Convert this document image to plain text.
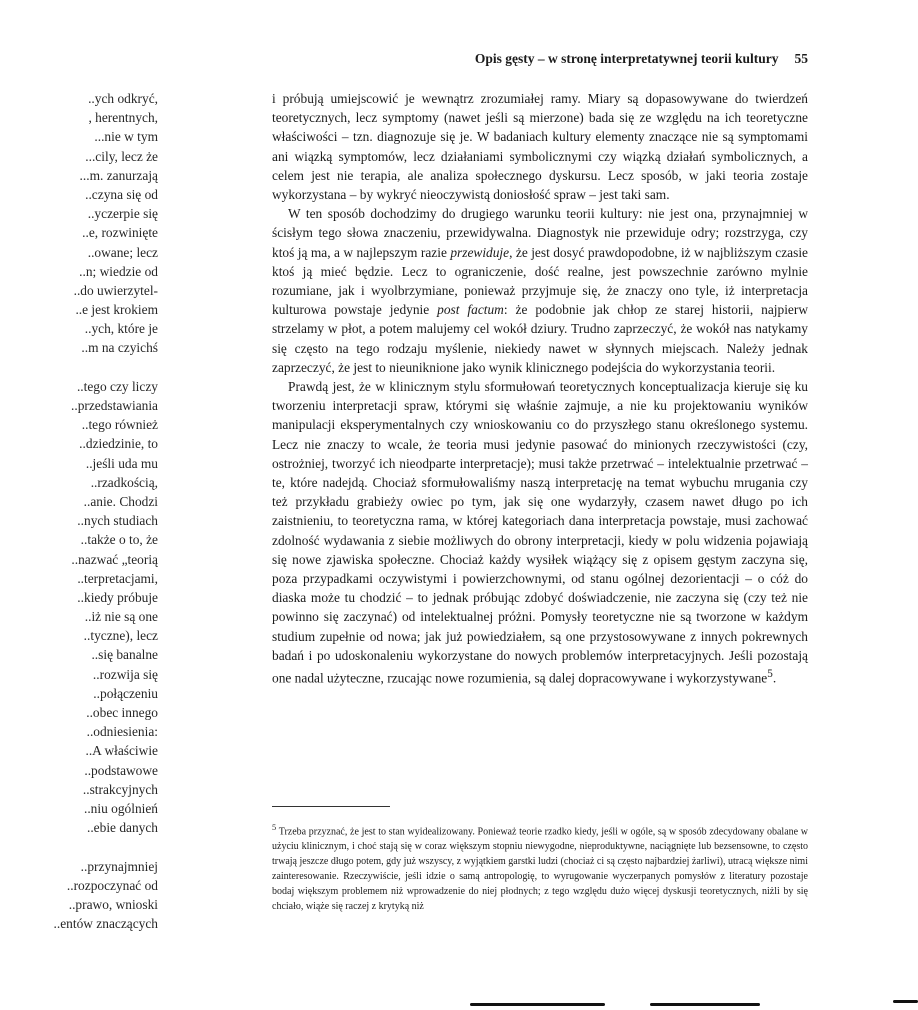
Opis gęsty – w stronę interpretatywnej teorii kultury 55
..ych odkryć,
, herentnych,
...nie w tym
...cily, lecz że
...m. zanurzają
..czyna się od
..yczerpie się
..e, rozwinięte
..owane; lecz
..n; wiedzie od
..do uwierzytel-
..e jest krokiem
..ych, które je
..m na czyichś
..tego czy liczy
..przedstawiania
..tego również
..dziedzinie, to
..jeśli uda mu
..rzadkością,
..anie. Chodzi
..nych studiach
..także o to, że
..nazwać „teorią
..terpretacjami,
..kiedy próbuje
..iż nie są one
..tyczne), lecz
..się banalne
..rozwija się
..połączeniu
..obec innego
..odniesienia:
..A właściwie
..podstawowe
..strakcyjnych
..niu ogólnień
..ebie danych
..przynajmniej
..rozpoczynać od
..prawo, wnioski
..entów znaczących

i próbują umiejscowić je wewnątrz zrozumiałej ramy. Miary są dopasowywane do twierdzeń teoretycznych, lecz symptomy (nawet jeśli są mierzone) bada się ze względu na ich teoretyczne właściwości – tzn. diagnozuje się je. W badaniach kultury elementy znaczące nie są symptomami ani wiązką symptomów, lecz działaniami symbolicznymi czy wiązką działań symbolicznych, a celem jest nie terapia, ale analiza społecznego dyskursu. Lecz sposób, w jaki teoria zostaje wykorzystana – by wykryć nieoczywistą doniosłość spraw – jest taki sam.

W ten sposób dochodzimy do drugiego warunku teorii kultury: nie jest ona, przynajmniej w ścisłym tego słowa znaczeniu, przewidywalna. Diagnostyk nie przewiduje odry; rozstrzyga, czy ktoś ją ma, a w najlepszym razie przewiduje, że jest dosyć prawdopodobne, iż w najbliższym czasie ktoś ją mieć będzie. Lecz to ograniczenie, dość realne, jest powszechnie zarówno mylnie rozumiane, jak i wyolbrzymiane, ponieważ przyjmuje się, że znaczy ono tyle, iż interpretacja kulturowa powstaje jedynie post factum: że podobnie jak chłop ze starej historii, najpierw strzelamy w płot, a potem malujemy cel wokół dziury. Trudno zaprzeczyć, że wokół nas natykamy się często na tego rodzaju myślenie, niekiedy nawet w słynnych miejscach. Należy jednak zaprzeczyć, że jest to nieuniknione jako wynik klinicznego podejścia do wykorzystania teorii.

Prawdą jest, że w klinicznym stylu sformułowań teoretycznych konceptualizacja kieruje się ku tworzeniu interpretacji spraw, którymi się właśnie zajmuje, a nie ku projektowaniu wyników manipulacji eksperymentalnych czy wnioskowaniu co do przyszłego stanu określonego systemu. Lecz nie znaczy to wcale, że teoria musi jedynie pasować do minionych rzeczywistości (czy, ostrożniej, tworzyć ich nieodparte interpretacje); musi także przetrwać – intelektualnie przetrwać – te, które nadejdą. Chociaż sformułowaliśmy naszą interpretację na temat wybuchu mrugania czy też przykładu grabieży owiec po tym, jak się one wydarzyły, czasem nawet długo po ich zaistnieniu, to teoretyczna rama, w której kategoriach dana interpretacja powstaje, musi zachować zdolność wydawania z siebie możliwych do obrony interpretacji, kiedy w polu widzenia pojawiają się nowe zjawiska społeczne. Chociaż każdy wysiłek wiążący się z opisem gęstym zaczyna się, poza przypadkami oczywistymi i powierzchownymi, od stanu ogólnej dezorientacji – o cóż do diaska może tu chodzić – to jednak próbując zdobyć doświadczenie, nie zaczyna się (czy też nie powinno się zaczynać) od intelektualnej próżni. Pomysły teoretyczne nie są tworzone w każdym studium zupełnie od nowa; jak już powiedziałem, są one przystosowywane z innych pokrewnych badań i po udoskonaleniu wykorzystane do nowych problemów interpretacyjnych. Jeśli pozostają one nadal użyteczne, rzucając nowe rozumienia, są dalej dopracowywane i wykorzystywane$^5$.

$^5$ Trzeba przyznać, że jest to stan wyidealizowany. Ponieważ teorie rzadko kiedy, jeśli w ogóle, są w sposób zdecydowany obalane w użyciu klinicznym, i choć stają się w coraz większym stopniu niewygodne, nieproduktywne, naciągnięte lub bezsensowne, to często trwają jeszcze długo potem, gdy już wszyscy, z wyjątkiem garstki ludzi (chociaż ci są często najbardziej żarliwi), utracą większe nimi zainteresowanie. Rzeczywiście, jeśli idzie o samą antropologię, to wyrugowanie wyczerpanych pomysłów z literatury pozostaje bodaj większym problemem niż wprowadzenie do niej płodnych; z tego względu dużo więcej dyskusji teoretycznych, niżli by się chciało, wiąże się raczej z krytyką niż
